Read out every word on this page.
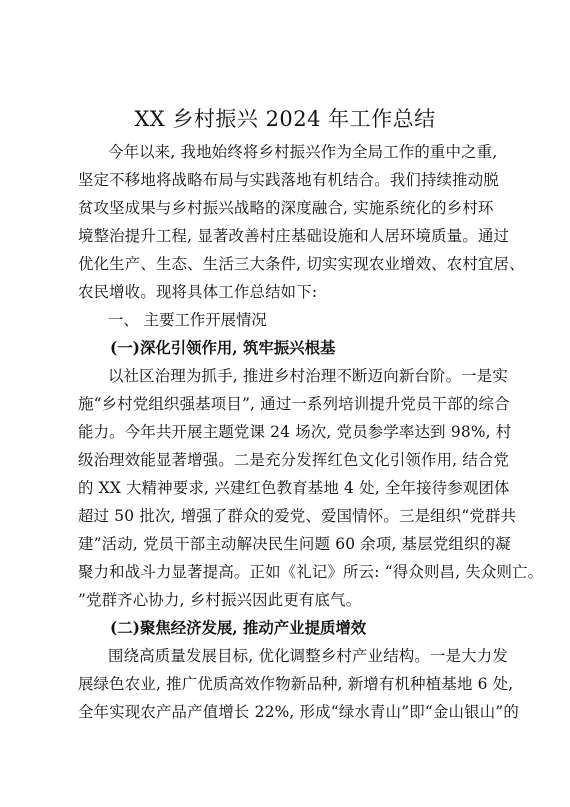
XX 乡村振兴 2024 年工作总结
今年以来, 我地始终将乡村振兴作为全局工作的重中之重,
坚定不移地将战略布局与实践落地有机结合。我们持续推动脱
贫攻坚成果与乡村振兴战略的深度融合, 实施系统化的乡村环
境整治提升工程, 显著改善村庄基础设施和人居环境质量。通过
优化生产、生态、生活三大条件, 切实实现农业增效、农村宜居、
农民增收。现将具体工作总结如下:
一、 主要工作开展情况
(一)深化引领作用, 筑牢振兴根基
以社区治理为抓手, 推进乡村治理不断迈向新台阶。一是实
施“乡村党组织强基项目”, 通过一系列培训提升党员干部的综合
能力。今年共开展主题党课 24 场次, 党员参学率达到 98%, 村
级治理效能显著增强。二是充分发挥红色文化引领作用, 结合党
的 XX 大精神要求, 兴建红色教育基地 4 处, 全年接待参观团体
超过 50 批次, 增强了群众的爱党、爱国情怀。三是组织“党群共
建”活动, 党员干部主动解决民生问题 60 余项, 基层党组织的凝
聚力和战斗力显著提高。正如《礼记》所云: “得众则昌, 失众则亡。
”党群齐心协力, 乡村振兴因此更有底气。
(二)聚焦经济发展, 推动产业提质增效
围绕高质量发展目标, 优化调整乡村产业结构。一是大力发
展绿色农业, 推广优质高效作物新品种, 新增有机种植基地 6 处,
全年实现农产品产值增长 22%, 形成“绿水青山”即“金山银山”的
